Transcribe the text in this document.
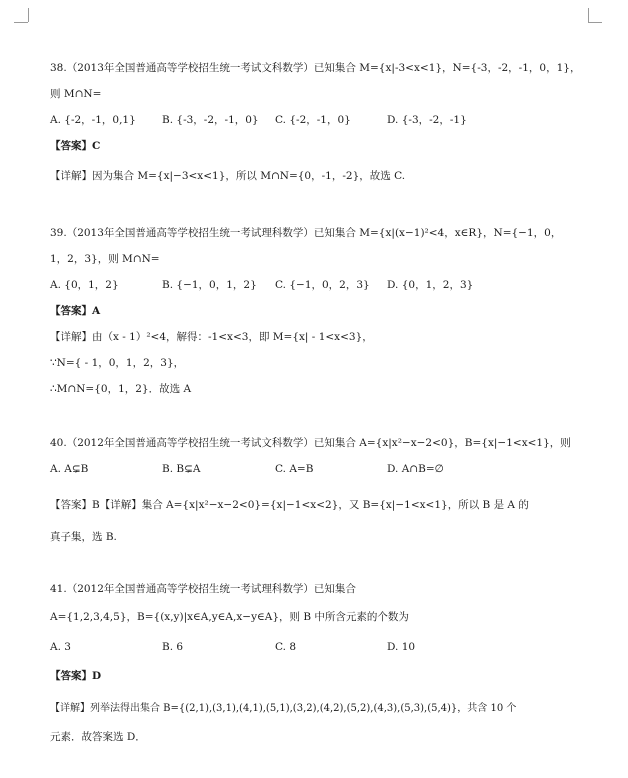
38.（2013年全国普通高等学校招生统一考试文科数学）已知集合 M={x|-3<x<1}，N={-3，-2，-1，0，1}，
则 M∩N=
A. {-2，-1，0,1} B. {-3，-2，-1，0} C. {-2，-1，0}	D. {-3，-2，-1}
【答案】C
【详解】因为集合 M={x|−3<x<1}，所以 M∩N={0，-1，-2}，故选 C.
39.（2013年全国普通高等学校招生统一考试理科数学）已知集合 M={x|(x−1)²<4，x∈R}，N={−1，0，
1，2，3}，则 M∩N=
A. {0，1，2}	B. {−1，0，1，2} C. {−1，0，2，3} D. {0，1，2，3}
【答案】A
【详解】由（x - 1）²<4，解得：-1<x<3，即 M={x| - 1<x<3}，
∵N={ - 1，0，1，2，3}，
∴M∩N={0，1，2}．故选 A
40.（2012年全国普通高等学校招生统一考试文科数学）已知集合 A={x|x²−x−2<0}，B={x|−1<x<1}，则
A. A⊊B	B. B⊊A	C. A=B	D. A∩B=∅
【答案】B【详解】集合 A={x|x²−x−2<0}={x|−1<x<2}，又 B={x|−1<x<1}，所以 B 是 A 的
真子集，选 B.
41.（2012年全国普通高等学校招生统一考试理科数学）已知集合
A={1,2,3,4,5}，B={(x,y)|x∈A,y∈A,x−y∈A}，则 B 中所含元素的个数为
A. 3	B. 6	C. 8	D. 10
【答案】D
【详解】列举法得出集合 B={(2,1),(3,1),(4,1),(5,1),(3,2),(4,2),(5,2),(4,3),(5,3),(5,4)}，共含 10 个
元素．故答案选 D．
